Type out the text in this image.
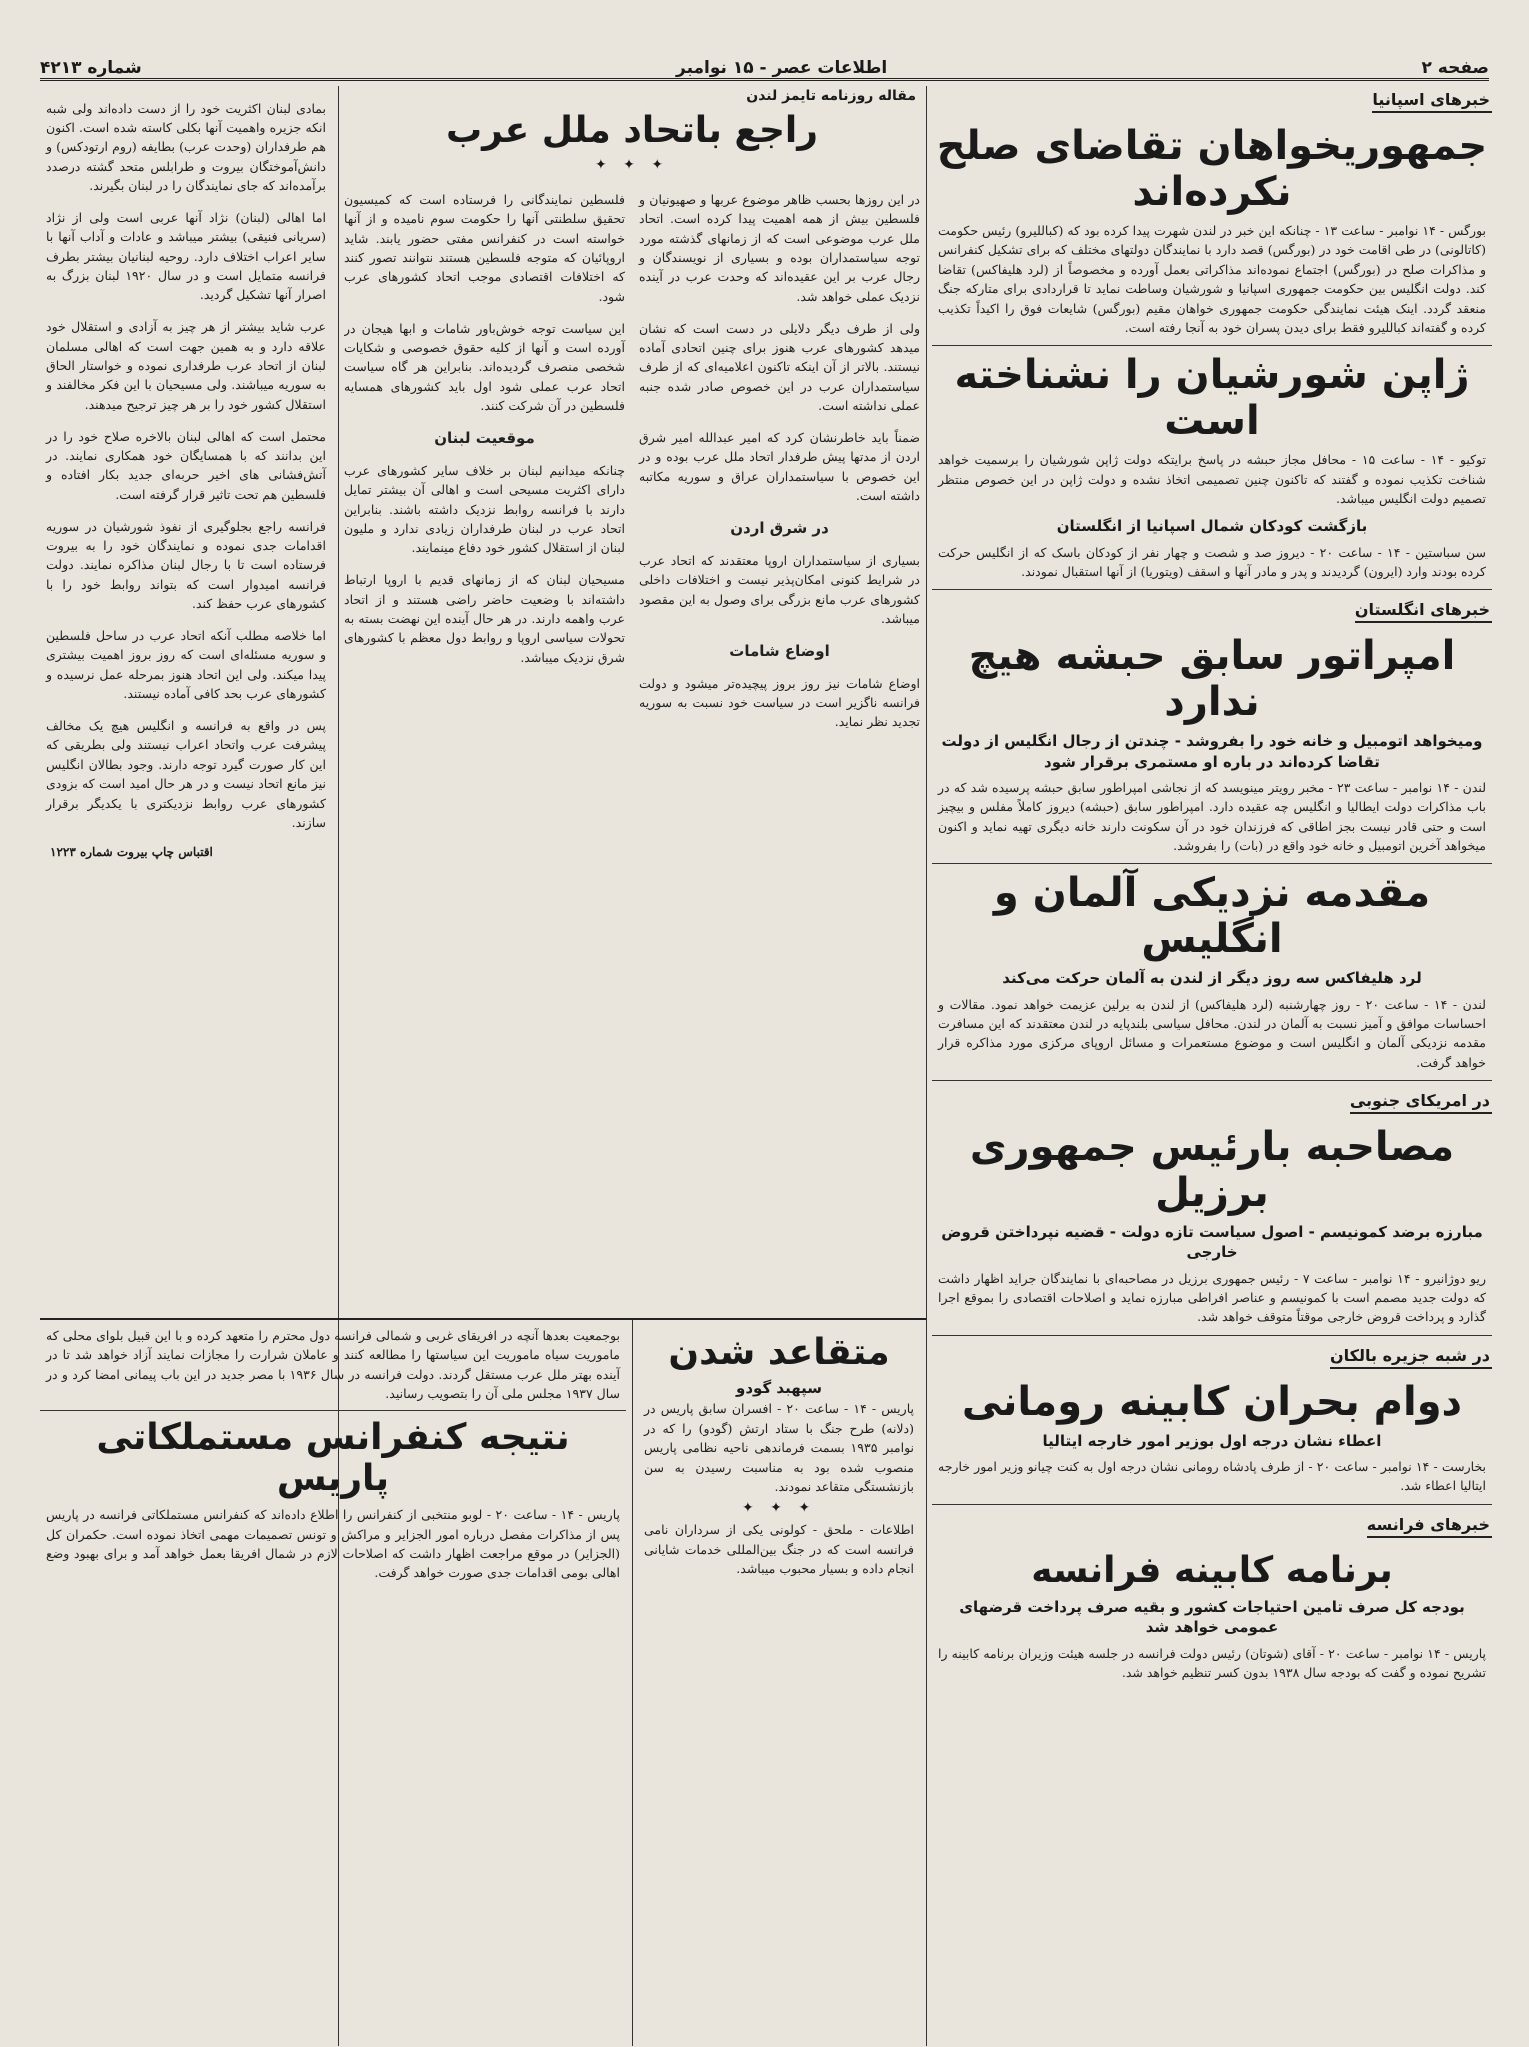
صفحه ۲
اطلاعات عصر - ۱۵ نوامبر
شماره ۴۲۱۳
خبرهای اسپانیا
جمهوریخواهان تقاضای صلح نکرده‌اند
بورگس - ۱۴ نوامبر - ساعت ۱۳ - چنانکه این خبر در لندن شهرت پیدا کرده بود که (کباللیرو) رئیس حکومت (کاتالونی) در طی اقامت خود در (بورگس) قصد دارد با نمایندگان دولتهای مختلف که برای تشکیل کنفرانس و مذاکرات صلح در (بورگس) اجتماع نموده‌اند مذاکراتی بعمل آورده و مخصوصاً از (لرد هلیفاکس) تقاضا کند. دولت انگلیس بین حکومت جمهوری اسپانیا و شورشیان وساطت نماید تا قراردادی برای متارکه جنگ منعقد گردد. اینک هیئت نمایندگی حکومت جمهوری خواهان مقیم (بورگس) شایعات فوق را اکیداً تکذیب کرده و گفته‌اند کباللیرو فقط برای دیدن پسران خود به آنجا رفته است.
ژاپن شورشیان را نشناخته است
توکیو - ۱۴ - ساعت ۱۵ - محافل مجاز حبشه در پاسخ برایتکه دولت ژاپن شورشیان را برسمیت خواهد شناخت تکذیب نموده و گفتند که تاکنون چنین تصمیمی اتخاذ نشده و دولت ژاپن در این خصوص منتظر تصمیم دولت انگلیس میباشد.
بازگشت کودکان شمال اسپانیا از انگلستان
سن سباستین - ۱۴ - ساعت ۲۰ - دیروز صد و شصت و چهار نفر از کودکان باسک که از انگلیس حرکت کرده بودند وارد (ایرون) گردیدند و پدر و مادر آنها و اسقف (ویتوریا) از آنها استقبال نمودند.
خبرهای انگلستان
امپراتور سابق حبشه هیچ ندارد
ومیخواهد اتومبیل و خانه خود را بفروشد - چندتن از رجال انگلیس از دولت تقاضا کرده‌اند در باره او مستمری برقرار شود
لندن - ۱۴ نوامبر - ساعت ۲۳ - مخبر رویتر مینویسد که از نجاشی امپراطور سابق حبشه پرسیده شد که در باب مذاکرات دولت ایطالیا و انگلیس چه عقیده دارد. امپراطور سابق (حبشه) دیروز کاملاً مفلس و بیچیز است و حتی قادر نیست بجز اطاقی که فرزندان خود در آن سکونت دارند خانه دیگری تهیه نماید و اکنون میخواهد آخرین اتومبیل و خانه خود واقع در (بات) را بفروشد.
مقدمه نزدیکی آلمان و انگلیس
لرد هلیفاکس سه روز دیگر از لندن به آلمان حرکت می‌کند
لندن - ۱۴ - ساعت ۲۰ - روز چهارشنبه (لرد هلیفاکس) از لندن به برلین عزیمت خواهد نمود. مقالات و احساسات موافق و آمیز نسبت به آلمان در لندن. محافل سیاسی بلندپایه در لندن معتقدند که این مسافرت مقدمه نزدیکی آلمان و انگلیس است و موضوع مستعمرات و مسائل اروپای مرکزی مورد مذاکره قرار خواهد گرفت.
در امریکای جنوبی
مصاحبه بارئیس جمهوری برزیل
مبارزه برضد کمونیسم - اصول سیاست تازه دولت - قضیه نپرداختن قروض خارجی
ریو دوژانیرو - ۱۴ نوامبر - ساعت ۷ - رئیس جمهوری برزیل در مصاحبه‌ای با نمایندگان جراید اظهار داشت که دولت جدید مصمم است با کمونیسم و عناصر افراطی مبارزه نماید و اصلاحات اقتصادی را بموقع اجرا گذارد و پرداخت قروض خارجی موقتاً متوقف خواهد شد.
در شبه جزیره بالکان
دوام بحران کابینه رومانی
اعطاء نشان درجه اول بوزیر امور خارجه ایتالیا
بخارست - ۱۴ نوامبر - ساعت ۲۰ - از طرف پادشاه رومانی نشان درجه اول به کنت چیانو وزیر امور خارجه ایتالیا اعطاء شد.
خبرهای فرانسه
برنامه کابینه فرانسه
بودجه کل صرف تامین احتیاجات کشور و بقیه صرف پرداخت قرضهای عمومی خواهد شد
پاریس - ۱۴ نوامبر - ساعت ۲۰ - آقای (شوتان) رئیس دولت فرانسه در جلسه هیئت وزیران برنامه کابینه را تشریح نموده و گفت که بودجه سال ۱۹۳۸ بدون کسر تنظیم خواهد شد.
مقاله روزنامه تایمز لندن
راجع باتحاد ملل عرب
✦ ✦ ✦

در این روزها بحسب ظاهر موضوع عربها و صهیونیان و فلسطین بیش از همه اهمیت پیدا کرده است. اتحاد ملل عرب موضوعی است که از زمانهای گذشته مورد توجه سیاستمداران بوده و بسیاری از نویسندگان و رجال عرب بر این عقیده‌اند که وحدت عرب در آینده نزدیک عملی خواهد شد.

ولی از طرف دیگر دلایلی در دست است که نشان میدهد کشورهای عرب هنوز برای چنین اتحادی آماده نیستند. بالاتر از آن اینکه تاکنون اعلامیه‌ای که از طرف سیاستمداران عرب در این خصوص صادر شده جنبه عملی نداشته است.

ضمناً باید خاطرنشان کرد که امیر عبدالله امیر شرق اردن از مدتها پیش طرفدار اتحاد ملل عرب بوده و در این خصوص با سیاستمداران عراق و سوریه مکاتبه داشته است.

در شرق اردن

بسیاری از سیاستمداران اروپا معتقدند که اتحاد عرب در شرایط کنونی امکان‌پذیر نیست و اختلافات داخلی کشورهای عرب مانع بزرگی برای وصول به این مقصود میباشد.

اوضاع شامات

اوضاع شامات نیز روز بروز پیچیده‌تر میشود و دولت فرانسه ناگزیر است در سیاست خود نسبت به سوریه تجدید نظر نماید.

فلسطین نمایندگانی را فرستاده است که کمیسیون تحقیق سلطنتی آنها را حکومت سوم نامیده و از آنها خواسته است در کنفرانس مفتی حضور یابند. شاید اروپائیان که متوجه فلسطین هستند نتوانند تصور کنند که اختلافات اقتصادی موجب اتحاد کشورهای عرب شود.

این سیاست توجه خوش‌باور شامات و ابها هیجان در آورده است و آنها از کلیه حقوق خصوصی و شکایات شخصی منصرف گردیده‌اند. بنابراین هر گاه سیاست اتحاد عرب عملی شود اول باید کشورهای همسایه فلسطین در آن شرکت کنند.

موقعیت لبنان

چنانکه میدانیم لبنان بر خلاف سایر کشورهای عرب دارای اکثریت مسیحی است و اهالی آن بیشتر تمایل دارند با فرانسه روابط نزدیک داشته باشند. بنابراین اتحاد عرب در لبنان طرفداران زیادی ندارد و ملیون لبنان از استقلال کشور خود دفاع مینمایند.

مسیحیان لبنان که از زمانهای قدیم با اروپا ارتباط داشته‌اند با وضعیت حاضر راضی هستند و از اتحاد عرب واهمه دارند. در هر حال آینده این نهضت بسته به تحولات سیاسی اروپا و روابط دول معظم با کشورهای شرق نزدیک میباشد.

بمادی لبنان اکثریت خود را از دست داده‌اند ولی شبه انکه جزیره واهمیت آنها بکلی کاسته شده است. اکنون هم طرفداران (وحدت عرب) بطایفه (روم ارتودکس) و دانش‌آموختگان بیروت و طرابلس متحد گشته درصدد برآمده‌اند که جای نمایندگان را در لبنان بگیرند.

اما اهالی (لبنان) نژاد آنها عربی است ولی از نژاد (سریانی فنیقی) بیشتر میباشد و عادات و آداب آنها با سایر اعراب اختلاف دارد. روحیه لبنانیان بیشتر بطرف فرانسه متمایل است و در سال ۱۹۲۰ لبنان بزرگ به اصرار آنها تشکیل گردید.

عرب شاید بیشتر از هر چیز به آزادی و استقلال خود علاقه دارد و به همین جهت است که اهالی مسلمان لبنان از اتحاد عرب طرفداری نموده و خواستار الحاق به سوریه میباشند. ولی مسیحیان با این فکر مخالفند و استقلال کشور خود را بر هر چیز ترجیح میدهند.

محتمل است که اهالی لبنان بالاخره صلاح خود را در این بدانند که با همسایگان خود همکاری نمایند. در آتش‌فشانی های اخیر حربه‌ای جدید بکار افتاده و فلسطین هم تحت تاثیر قرار گرفته است.

فرانسه راجع بجلوگیری از نفوذ شورشیان در سوریه اقدامات جدی نموده و نمایندگان خود را به بیروت فرستاده است تا با رجال لبنان مذاکره نمایند. دولت فرانسه امیدوار است که بتواند روابط خود را با کشورهای عرب حفظ کند.

اما خلاصه مطلب آنکه اتحاد عرب در ساحل فلسطین و سوریه مسئله‌ای است که روز بروز اهمیت بیشتری پیدا میکند. ولی این اتحاد هنوز بمرحله عمل نرسیده و کشورهای عرب بحد کافی آماده نیستند.

پس در واقع به فرانسه و انگلیس هیچ یک مخالف پیشرفت عرب واتحاد اعراب نیستند ولی بطریقی که این کار صورت گیرد توجه دارند. وجود بطالان انگلیس نیز مانع اتحاد نیست و در هر حال امید است که بزودی کشورهای عرب روابط نزدیکتری با یکدیگر برقرار سازند.

اقتباس چاپ بیروت شماره ۱۲۲۳
متقاعد شدن
سپهبد گودو
پاریس - ۱۴ - ساعت ۲۰ - افسران سابق پاریس در (دلانه) طرح جنگ با ستاد ارتش (گودو) را که در نوامبر ۱۹۳۵ بسمت فرماندهی ناحیه نظامی پاریس منصوب شده بود به مناسبت رسیدن به سن بازنشستگی متقاعد نمودند.
✦ ✦ ✦
اطلاعات - ملحق - کولونی یکی از سرداران نامی فرانسه است که در جنگ بین‌المللی خدمات شایانی انجام داده و بسیار محبوب میباشد.
بوجمعیت بعدها آنچه در افریقای غربی و شمالی فرانسه دول محترم را متعهد کرده و با این قبیل بلوای محلی که ماموریت سیاه ماموریت این سیاستها را مطالعه کنند و عاملان شرارت را مجازات نمایند آزاد خواهد شد تا در آینده بهتر ملل عرب مستقل گردند. دولت فرانسه در سال ۱۹۳۶ با مصر جدید در این باب پیمانی امضا کرد و در سال ۱۹۳۷ مجلس ملی آن را بتصویب رسانید.
نتیجه کنفرانس مستملکاتی پاریس
پاریس - ۱۴ - ساعت ۲۰ - لوبو منتخبی از کنفرانس را اطلاع داده‌اند که کنفرانس مستملکاتی فرانسه در پاریس پس از مذاکرات مفصل درباره امور الجزایر و مراکش و تونس تصمیمات مهمی اتخاذ نموده است. حکمران کل (الجزایر) در موقع مراجعت اظهار داشت که اصلاحات لازم در شمال افریقا بعمل خواهد آمد و برای بهبود وضع اهالی بومی اقدامات جدی صورت خواهد گرفت.
